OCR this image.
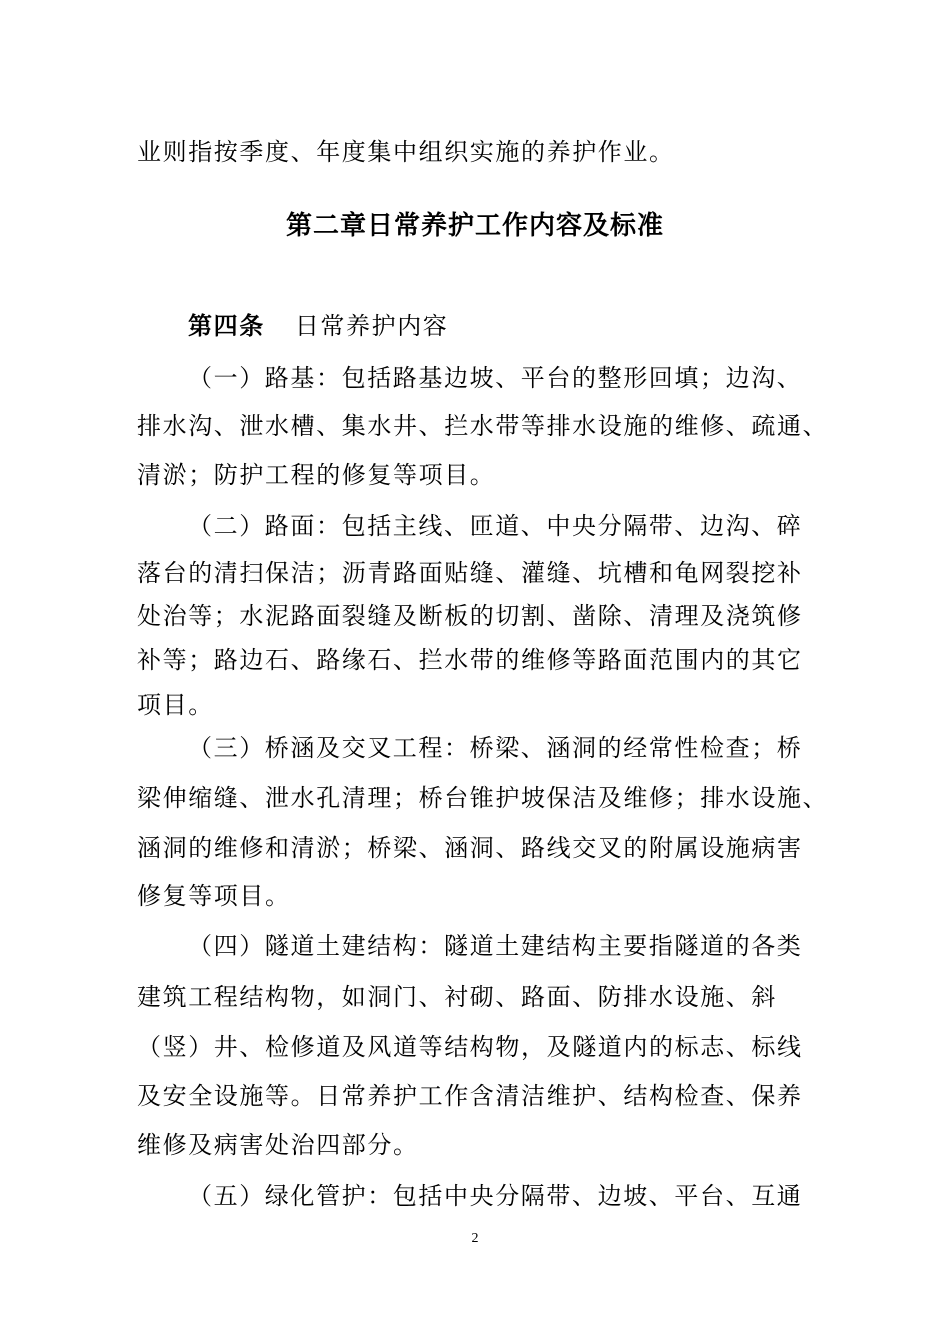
业则指按季度、年度集中组织实施的养护作业。

第二章日常养护工作内容及标准

第四条 日常养护内容

（一）路基：包括路基边坡、平台的整形回填；边沟、

排水沟、泄水槽、集水井、拦水带等排水设施的维修、疏通、

清淤；防护工程的修复等项目。

（二）路面：包括主线、匝道、中央分隔带、边沟、碎

落台的清扫保洁；沥青路面贴缝、灌缝、坑槽和龟网裂挖补

处治等；水泥路面裂缝及断板的切割、凿除、清理及浇筑修

补等；路边石、路缘石、拦水带的维修等路面范围内的其它

项目。

（三）桥涵及交叉工程：桥梁、涵洞的经常性检查；桥

梁伸缩缝、泄水孔清理；桥台锥护坡保洁及维修；排水设施、

涵洞的维修和清淤；桥梁、涵洞、路线交叉的附属设施病害

修复等项目。

（四）隧道土建结构：隧道土建结构主要指隧道的各类

建筑工程结构物，如洞门、衬砌、路面、防排水设施、斜

（竖）井、检修道及风道等结构物，及隧道内的标志、标线

及安全设施等。日常养护工作含清洁维护、结构检查、保养

维修及病害处治四部分。

（五）绿化管护：包括中央分隔带、边坡、平台、互通

2
